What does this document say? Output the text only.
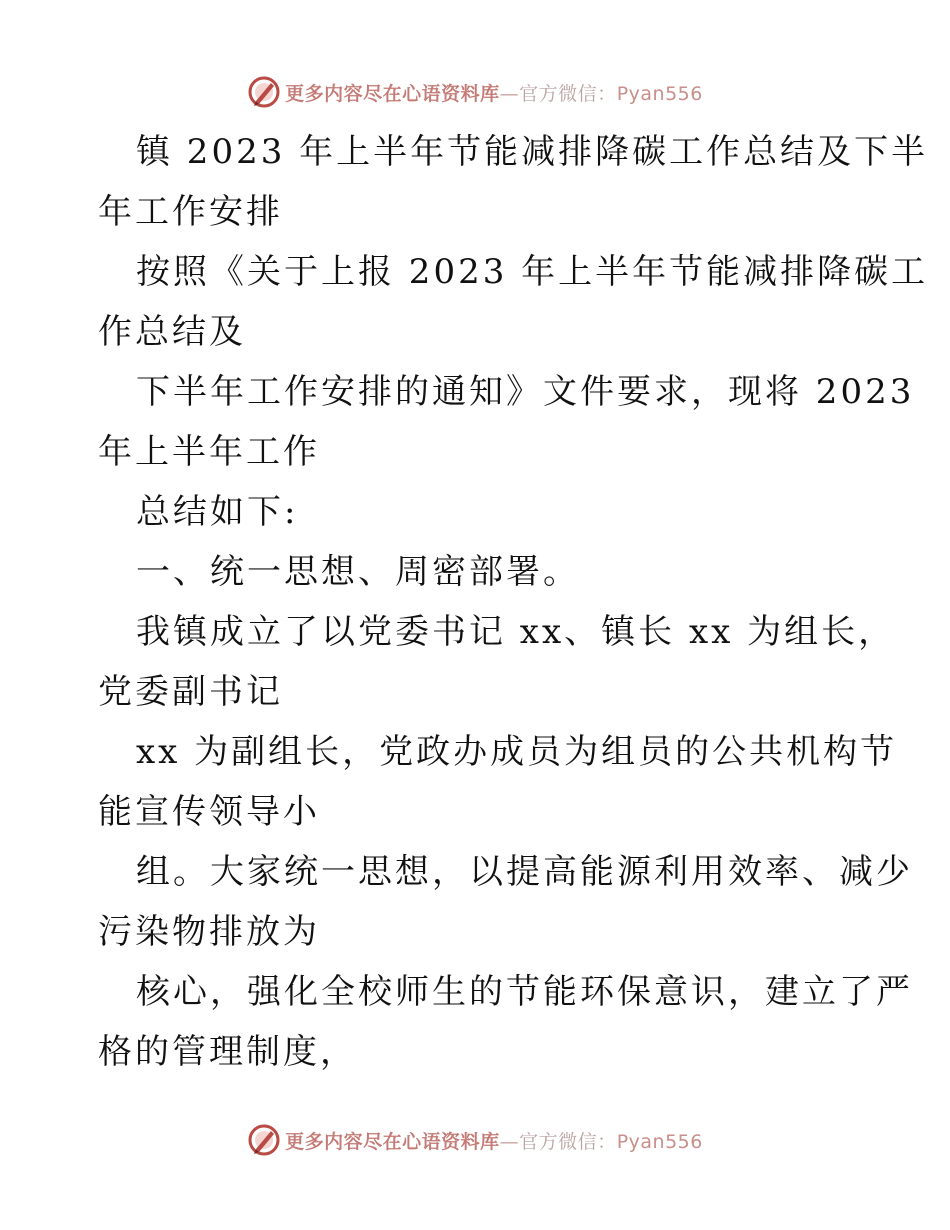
更多内容尽在心语资料库—官方微信：Pyan556
镇 2023 年上半年节能减排降碳工作总结及下半
年工作安排
按照《关于上报 2023 年上半年节能减排降碳工
作总结及
下半年工作安排的通知》文件要求，现将 2023
年上半年工作
总结如下:
一、统一思想、周密部署。
我镇成立了以党委书记 xx、镇长 xx 为组长，
党委副书记
xx 为副组长，党政办成员为组员的公共机构节
能宣传领导小
组。大家统一思想，以提高能源利用效率、减少
污染物排放为
核心，强化全校师生的节能环保意识，建立了严
格的管理制度，
更多内容尽在心语资料库—官方微信：Pyan556
